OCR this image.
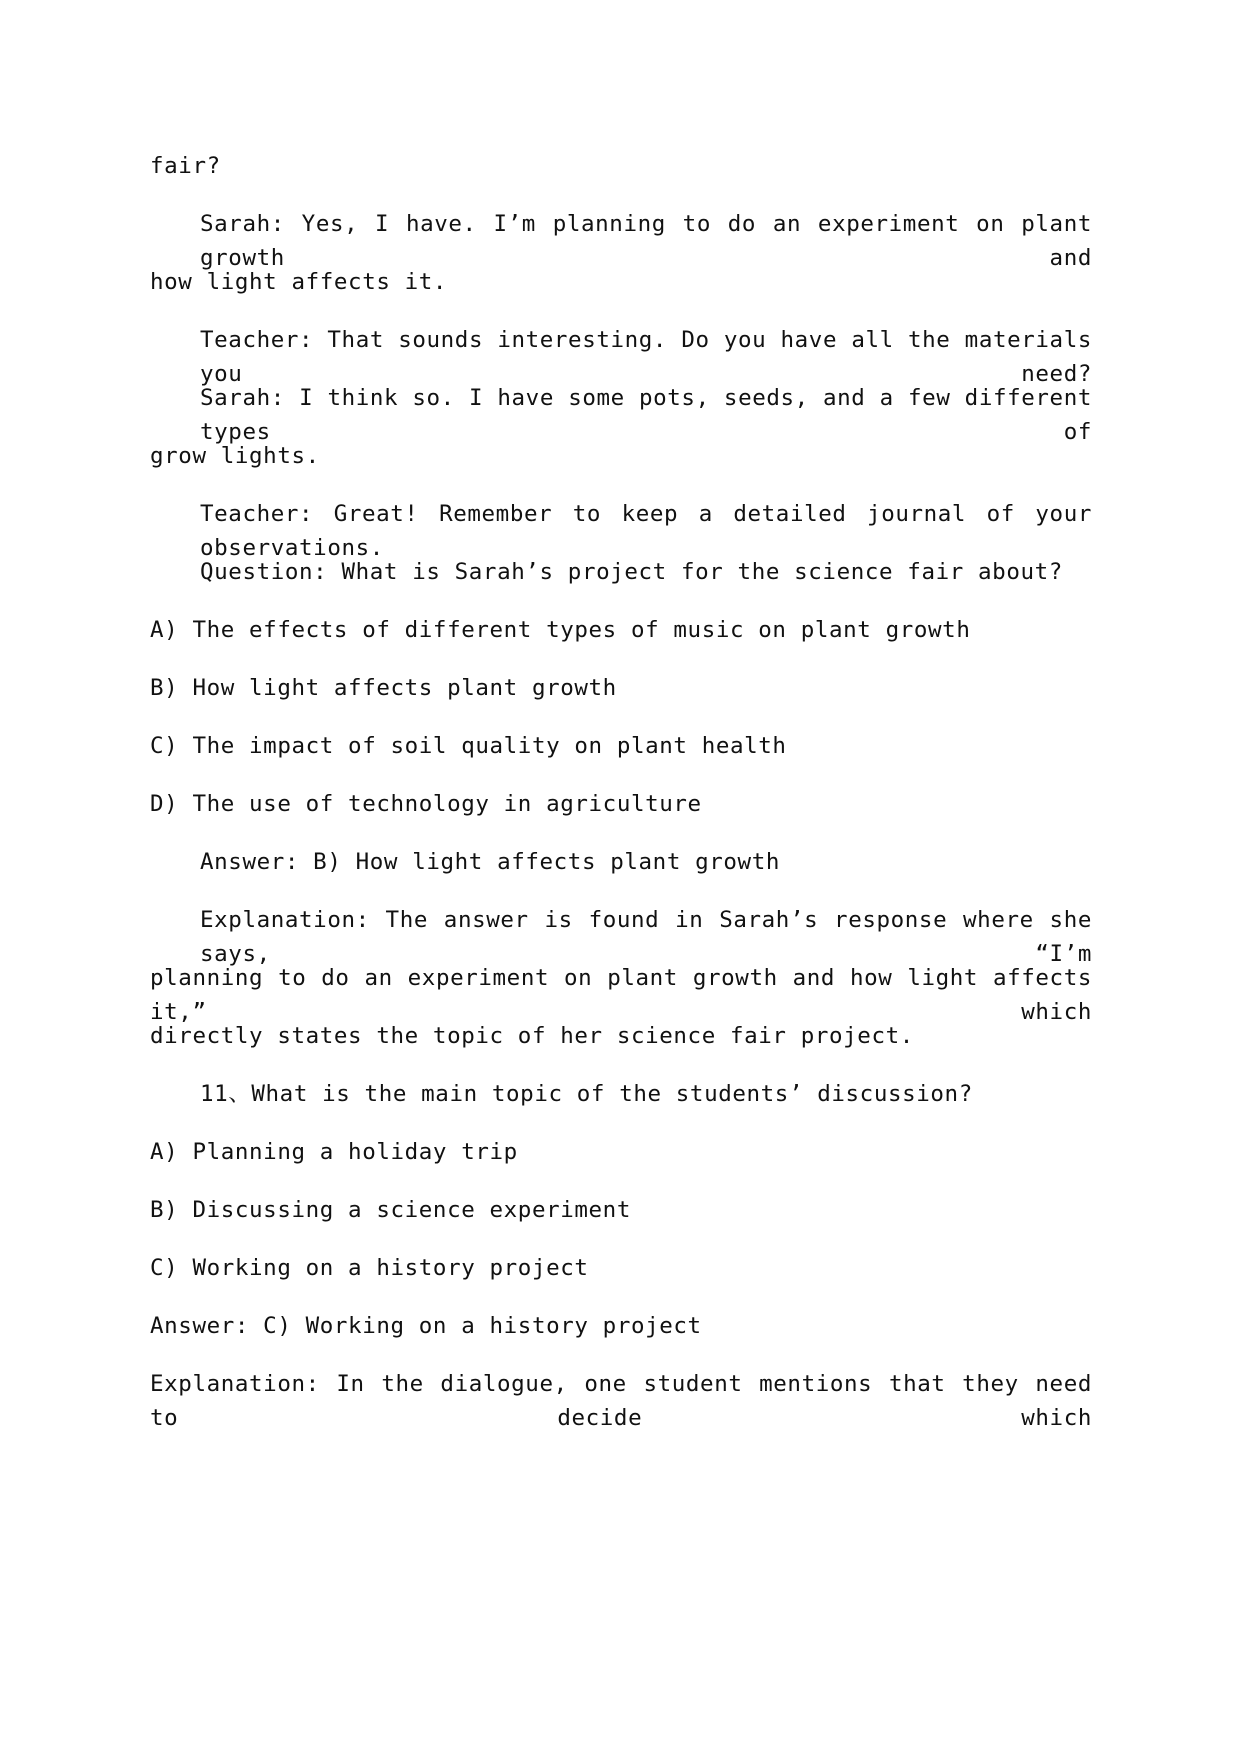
fair?
Sarah: Yes, I have. I’m planning to do an experiment on plant growth and
how light affects it.
Teacher: That sounds interesting. Do you have all the materials you need?
Sarah: I think so. I have some pots, seeds, and a few different types of
grow lights.
Teacher: Great! Remember to keep a detailed journal of your observations.
Question: What is Sarah’s project for the science fair about?
A) The effects of different types of music on plant growth
B) How light affects plant growth
C) The impact of soil quality on plant health
D) The use of technology in agriculture
Answer: B) How light affects plant growth
Explanation: The answer is found in Sarah’s response where she says, “I’m
planning to do an experiment on plant growth and how light affects it,” which
directly states the topic of her science fair project.
11、What is the main topic of the students’ discussion?
A) Planning a holiday trip
B) Discussing a science experiment
C) Working on a history project
Answer: C) Working on a history project
Explanation: In the dialogue, one student mentions that they need to decide which
